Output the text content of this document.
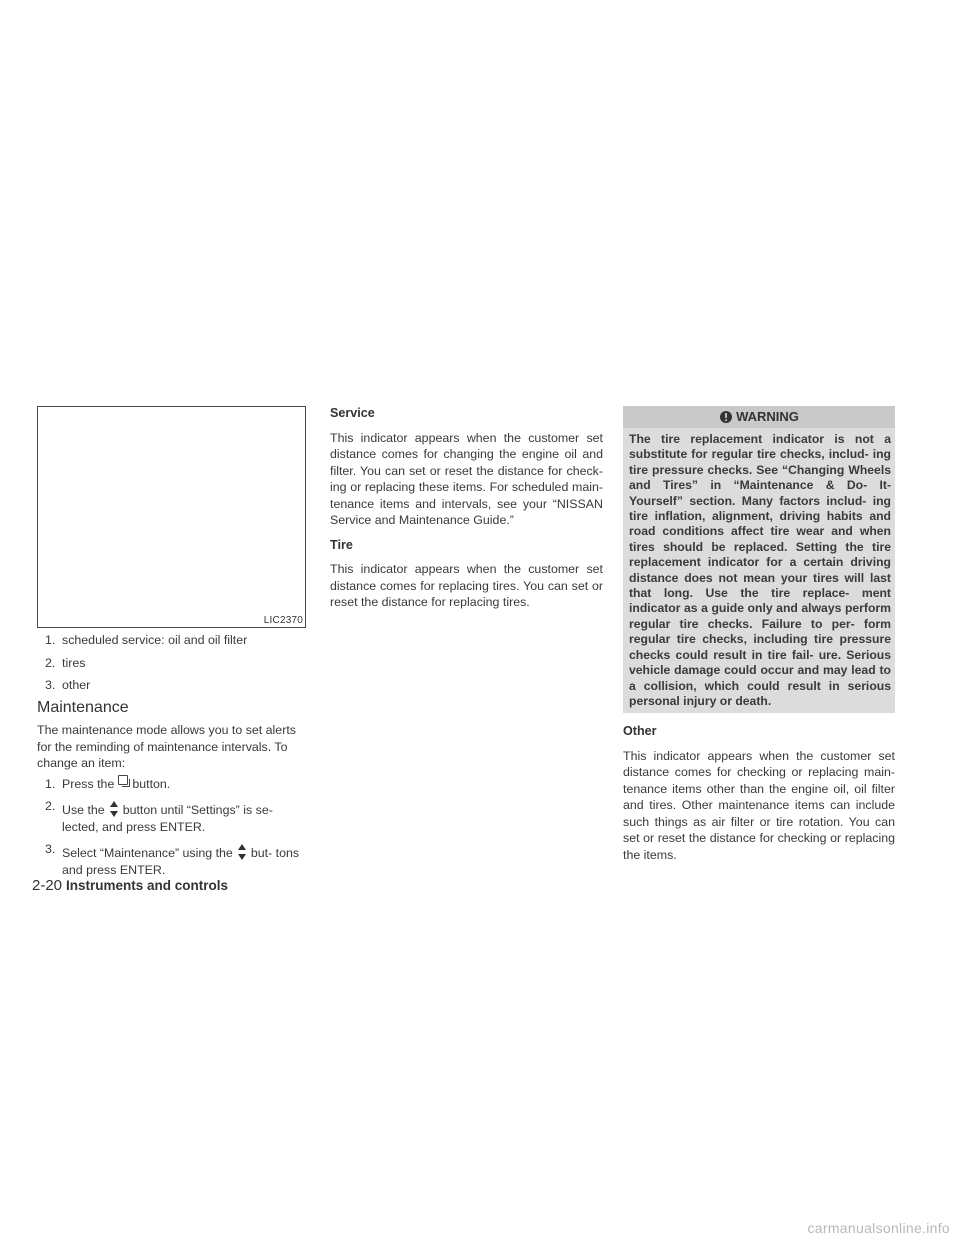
LIC2370
1. scheduled service: oil and oil filter
2. tires
3. other
Maintenance
The maintenance mode allows you to set alerts for the reminding of maintenance intervals. To change an item:
1. Press the button.
2. Use the button until “Settings” is se- lected, and press ENTER.
3. Select “Maintenance” using the but- tons and press ENTER.
Service
This indicator appears when the customer set distance comes for changing the engine oil and filter. You can set or reset the distance for check- ing or replacing these items. For scheduled main- tenance items and intervals, see your “NISSAN Service and Maintenance Guide.”
Tire
This indicator appears when the customer set distance comes for replacing tires. You can set or reset the distance for replacing tires.
WARNING
The tire replacement indicator is not a substitute for regular tire checks, includ- ing tire pressure checks. See “Changing Wheels and Tires” in “Maintenance & Do- It-Yourself” section. Many factors includ- ing tire inflation, alignment, driving habits and road conditions affect tire wear and when tires should be replaced. Setting the tire replacement indicator for a certain driving distance does not mean your tires will last that long. Use the tire replace- ment indicator as a guide only and always perform regular tire checks. Failure to per- form regular tire checks, including tire pressure checks could result in tire fail- ure. Serious vehicle damage could occur and may lead to a collision, which could result in serious personal injury or death.
Other
This indicator appears when the customer set distance comes for checking or replacing main- tenance items other than the engine oil, oil filter and tires. Other maintenance items can include such things as air filter or tire rotation. You can set or reset the distance for checking or replacing the items.
2-20 Instruments and controls
carmanualsonline.info
